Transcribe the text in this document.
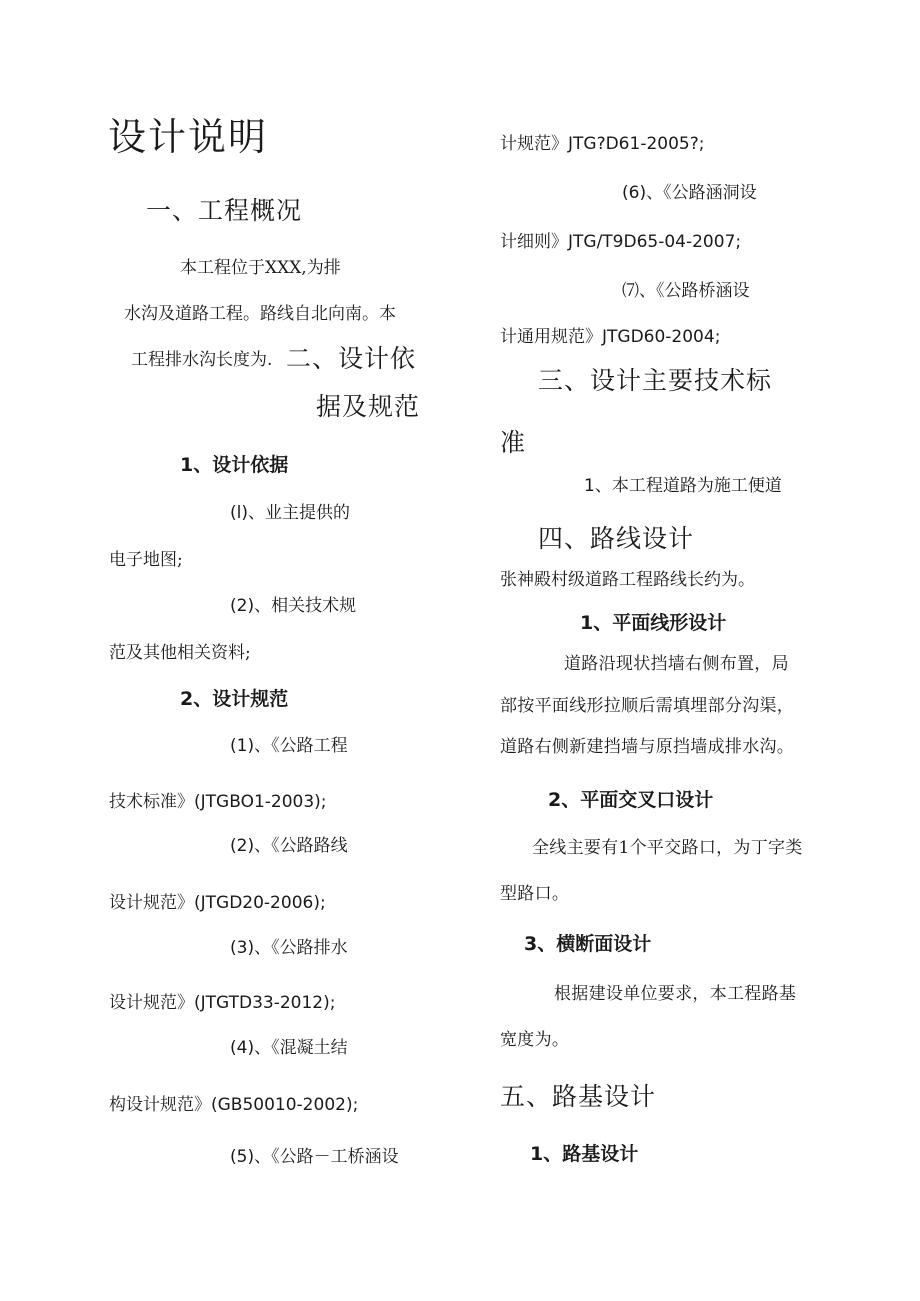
设计说明
一、工程概况
本工程位于XXX,为排
水沟及道路工程。路线自北向南。本
工程排水沟长度为. 二、设计依
据及规范
1、设计依据
(l)、业主提供的
电子地图;
(2)、相关技术规
范及其他相关资料;
2、设计规范
(1)、《公路工程
技术标准》(JTGBO1-2003);
(2)、《公路路线
设计规范》(JTGD20-2006);
(3)、《公路排水
设计规范》(JTGTD33-2012);
(4)、《混凝土结
构设计规范》(GB50010-2002);
(5)、《公路－工桥涵设
计规范》JTG?D61-2005?;
(6)、《公路涵洞设
计细则》JTG/T9D65-04-2007;
⑺、《公路桥涵设
计通用规范》JTGD60-2004;
三、设计主要技术标
准
1、本工程道路为施工便道
四、路线设计
张神殿村级道路工程路线长约为。
1、平面线形设计
道路沿现状挡墙右侧布置，局
部按平面线形拉顺后需填埋部分沟渠，
道路右侧新建挡墙与原挡墙成排水沟。
2、平面交叉口设计
全线主要有1个平交路口，为丁字类
型路口。
3、横断面设计
根据建设单位要求，本工程路基
宽度为。
五、路基设计
1、路基设计
